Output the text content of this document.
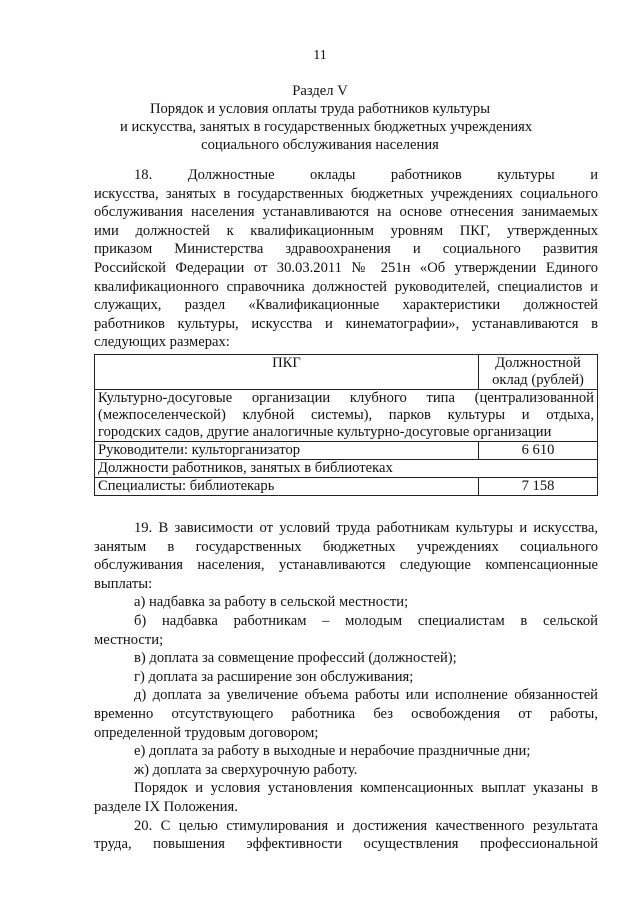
11
Раздел V
Порядок и условия оплаты труда работников культуры
и искусства, занятых в государственных бюджетных учреждениях
социального обслуживания населения
18. Должностные оклады работников культуры и
искусства, занятых в государственных бюджетных учреждениях социального
обслуживания населения устанавливаются на основе отнесения занимаемых
ими должностей к квалификационным уровням ПКГ, утвержденных
приказом Министерства здравоохранения и социального развития
Российской Федерации от 30.03.2011 № 251н «Об утверждении Единого
квалификационного справочника должностей руководителей, специалистов и
служащих, раздел «Квалификационные характеристики должностей
работников культуры, искусства и кинематографии», устанавливаются в
следующих размерах:
ПКГ	Должностной
оклад (рублей)

Культурно-досуговые организации клубного типа (централизованной
(межпоселенческой) клубной системы), парков культуры и отдыха,
городских садов, другие аналогичные культурно-досуговые организации	

Руководители: культорганизатор	6 610
Должности работников, занятых в библиотеках	
Специалисты: библиотекарь	7 158
19. В зависимости от условий труда работникам культуры и искусства,
занятым в государственных бюджетных учреждениях социального
обслуживания населения, устанавливаются следующие компенсационные
выплаты:
а) надбавка за работу в сельской местности;
б) надбавка работникам – молодым специалистам в сельской
местности;
в) доплата за совмещение профессий (должностей);
г) доплата за расширение зон обслуживания;
д) доплата за увеличение объема работы или исполнение обязанностей
временно отсутствующего работника без освобождения от работы,
определенной трудовым договором;
е) доплата за работу в выходные и нерабочие праздничные дни;
ж) доплата за сверхурочную работу.
Порядок и условия установления компенсационных выплат указаны в
разделе IX Положения.
20. С целью стимулирования и достижения качественного результата
труда, повышения эффективности осуществления профессиональной
